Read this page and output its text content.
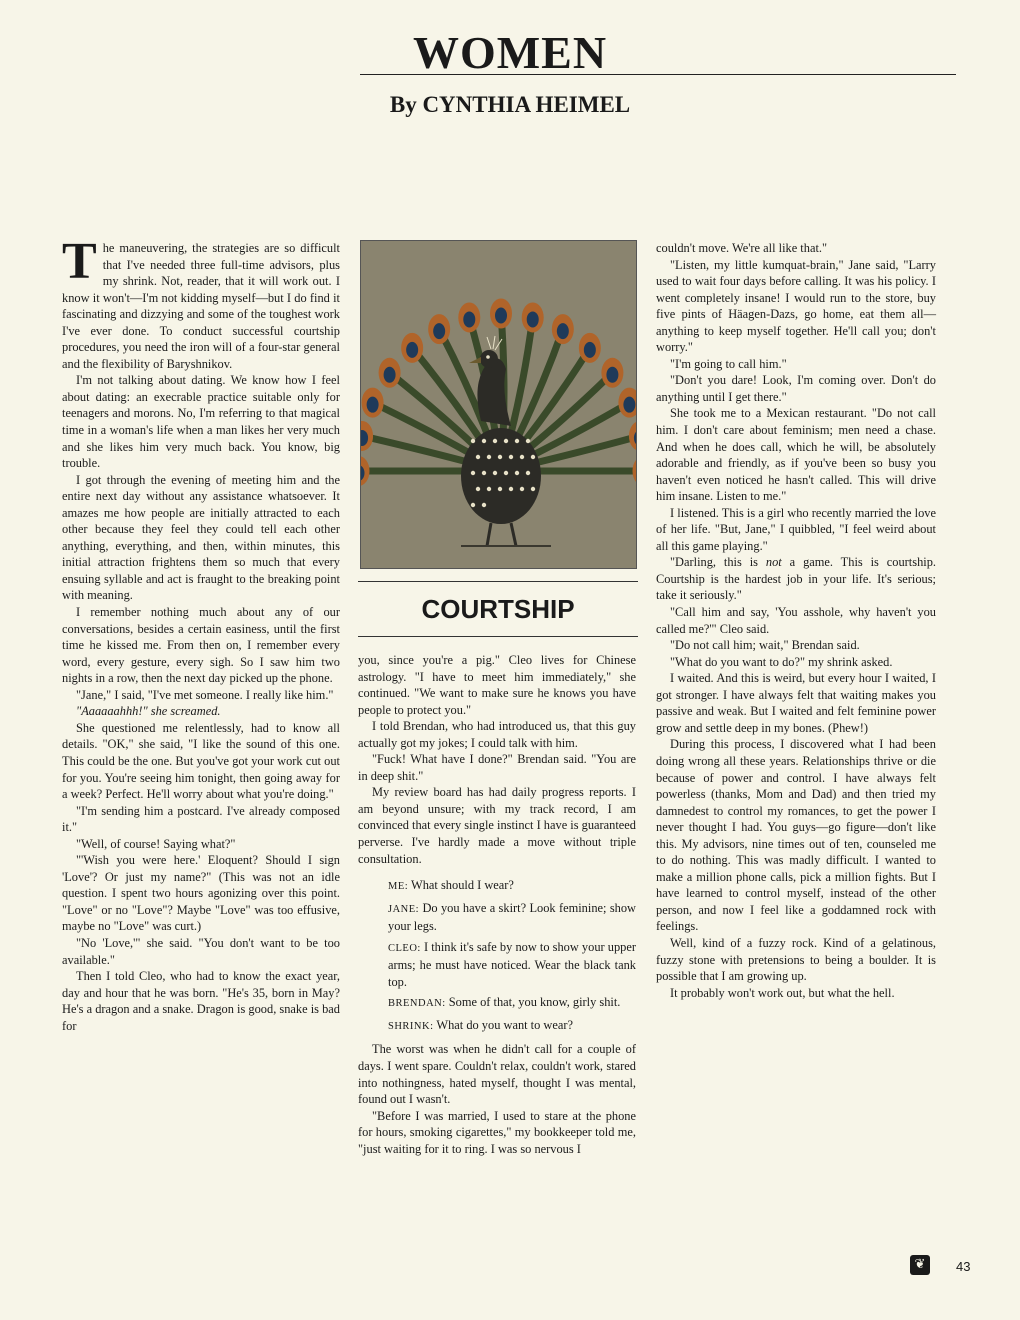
WOMEN
By CYNTHIA HEIMEL

The maneuvering, the strategies are so difficult that I've needed three full-time advisors, plus my shrink. Not, reader, that it will work out. I know it won't—I'm not kidding myself—but I do find it fascinating and dizzying and some of the toughest work I've ever done. To conduct successful courtship procedures, you need the iron will of a four-star general and the flexibility of Baryshnikov.

I'm not talking about dating. We know how I feel about dating: an execrable practice suitable only for teenagers and morons. No, I'm referring to that magical time in a woman's life when a man likes her very much and she likes him very much back. You know, big trouble.

I got through the evening of meeting him and the entire next day without any assistance whatsoever. It amazes me how people are initially attracted to each other because they feel they could tell each other anything, everything, and then, within minutes, this initial attraction frightens them so much that every ensuing syllable and act is fraught to the breaking point with meaning.

I remember nothing much about any of our conversations, besides a certain easiness, until the first time he kissed me. From then on, I remember every word, every gesture, every sigh. So I saw him two nights in a row, then the next day picked up the phone.

"Jane," I said, "I've met someone. I really like him."

"Aaaaaahhh!" she screamed.

She questioned me relentlessly, had to know all details. "OK," she said, "I like the sound of this one. This could be the one. But you've got your work cut out for you. You're seeing him tonight, then going away for a week? Perfect. He'll worry about what you're doing."

"I'm sending him a postcard. I've already composed it."

"Well, of course! Saying what?"

"'Wish you were here.' Eloquent? Should I sign 'Love'? Or just my name?" (This was not an idle question. I spent two hours agonizing over this point. "Love" or no "Love"? Maybe "Love" was too effusive, maybe no "Love" was curt.)

"No 'Love,'" she said. "You don't want to be too available."

Then I told Cleo, who had to know the exact year, day and hour that he was born. "He's 35, born in May? He's a dragon and a snake. Dragon is good, snake is bad for

COURTSHIP

you, since you're a pig." Cleo lives for Chinese astrology. "I have to meet him immediately," she continued. "We want to make sure he knows you have people to protect you."

I told Brendan, who had introduced us, that this guy actually got my jokes; I could talk with him.

"Fuck! What have I done?" Brendan said. "You are in deep shit."

My review board has had daily progress reports. I am beyond unsure; with my track record, I am convinced that every single instinct I have is guaranteed perverse. I've hardly made a move without triple consultation.

ME: What should I wear?

JANE: Do you have a skirt? Look feminine; show your legs.

CLEO: I think it's safe by now to show your upper arms; he must have noticed. Wear the black tank top.

BRENDAN: Some of that, you know, girly shit.

SHRINK: What do you want to wear?

The worst was when he didn't call for a couple of days. I went spare. Couldn't relax, couldn't work, stared into nothingness, hated myself, thought I was mental, found out I wasn't.

"Before I was married, I used to stare at the phone for hours, smoking cigarettes," my bookkeeper told me, "just waiting for it to ring. I was so nervous I

couldn't move. We're all like that."

"Listen, my little kumquat-brain," Jane said, "Larry used to wait four days before calling. It was his policy. I went completely insane! I would run to the store, buy five pints of Häagen-Dazs, go home, eat them all—anything to keep myself together. He'll call you; don't worry."

"I'm going to call him."

"Don't you dare! Look, I'm coming over. Don't do anything until I get there."

She took me to a Mexican restaurant. "Do not call him. I don't care about feminism; men need a chase. And when he does call, which he will, be absolutely adorable and friendly, as if you've been so busy you haven't even noticed he hasn't called. This will drive him insane. Listen to me."

I listened. This is a girl who recently married the love of her life. "But, Jane," I quibbled, "I feel weird about all this game playing."

"Darling, this is not a game. This is courtship. Courtship is the hardest job in your life. It's serious; take it seriously."

"Call him and say, 'You asshole, why haven't you called me?'" Cleo said.

"Do not call him; wait," Brendan said.

"What do you want to do?" my shrink asked.

I waited. And this is weird, but every hour I waited, I got stronger. I have always felt that waiting makes you passive and weak. But I waited and felt feminine power grow and settle deep in my bones. (Phew!)

During this process, I discovered what I had been doing wrong all these years. Relationships thrive or die because of power and control. I have always felt powerless (thanks, Mom and Dad) and then tried my damnedest to control my romances, to get the power I never thought I had. You guys—go figure—don't like this. My advisors, nine times out of ten, counseled me to do nothing. This was madly difficult. I wanted to make a million phone calls, pick a million fights. But I have learned to control myself, instead of the other person, and now I feel like a goddamned rock with feelings.

Well, kind of a fuzzy rock. Kind of a gelatinous, fuzzy stone with pretensions to being a boulder. It is possible that I am growing up.

It probably won't work out, but what the hell.

❦	43
